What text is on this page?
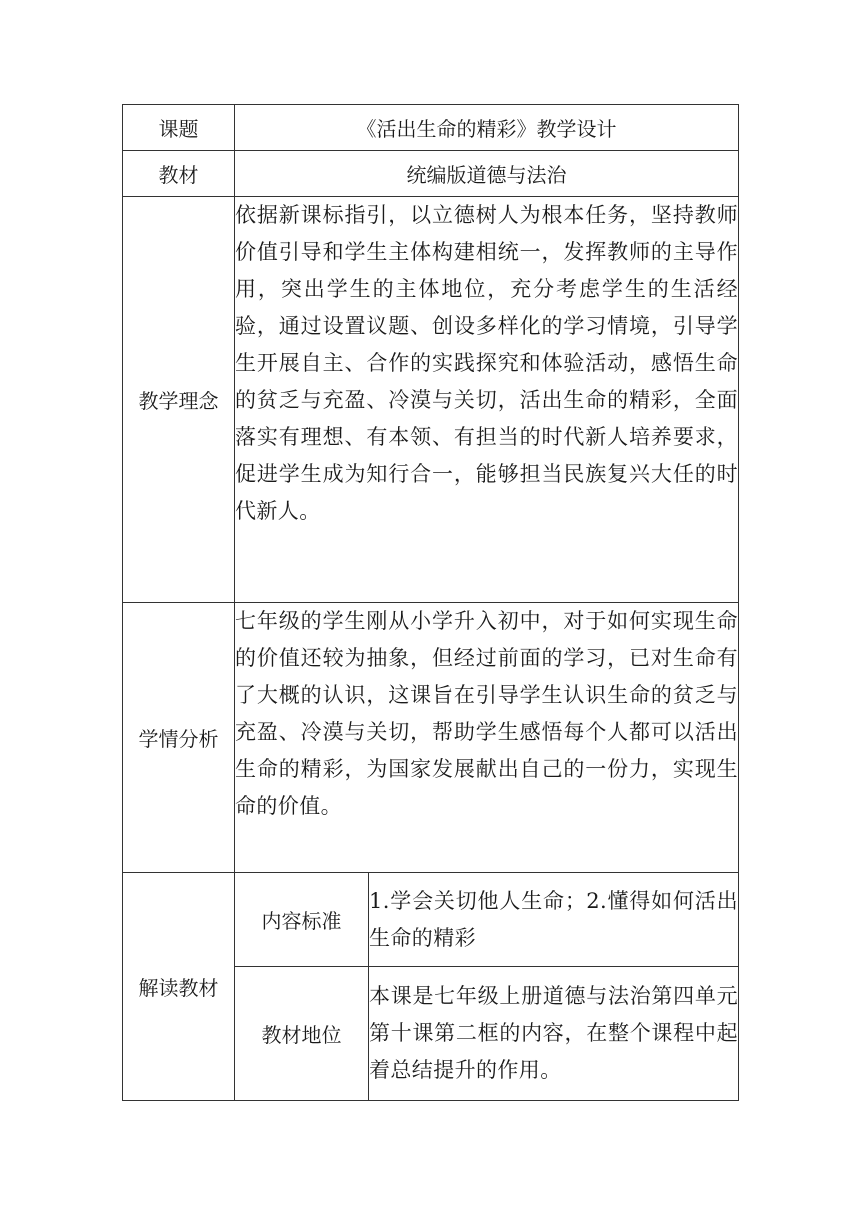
课题	《活出生命的精彩》教学设计	
教材	统编版道德与法治	
教学理念	依据新课标指引，以立德树人为根本任务，坚持教师价值引导和学生主体构建相统一，发挥教师的主导作用，突出学生的主体地位，充分考虑学生的生活经验，通过设置议题、创设多样化的学习情境，引导学生开展自主、合作的实践探究和体验活动，感悟生命的贫乏与充盈、冷漠与关切，活出生命的精彩，全面落实有理想、有本领、有担当的时代新人培养要求，促进学生成为知行合一，能够担当民族复兴大任的时代新人。	
学情分析	七年级的学生刚从小学升入初中，对于如何实现生命的价值还较为抽象，但经过前面的学习，已对生命有了大概的认识，这课旨在引导学生认识生命的贫乏与充盈、冷漠与关切，帮助学生感悟每个人都可以活出生命的精彩，为国家发展献出自己的一份力，实现生命的价值。	
解读教材	内容标准	1.学会关切他人生命；2.懂得如何活出生命的精彩
	教材地位	本课是七年级上册道德与法治第四单元第十课第二框的内容，在整个课程中起着总结提升的作用。
